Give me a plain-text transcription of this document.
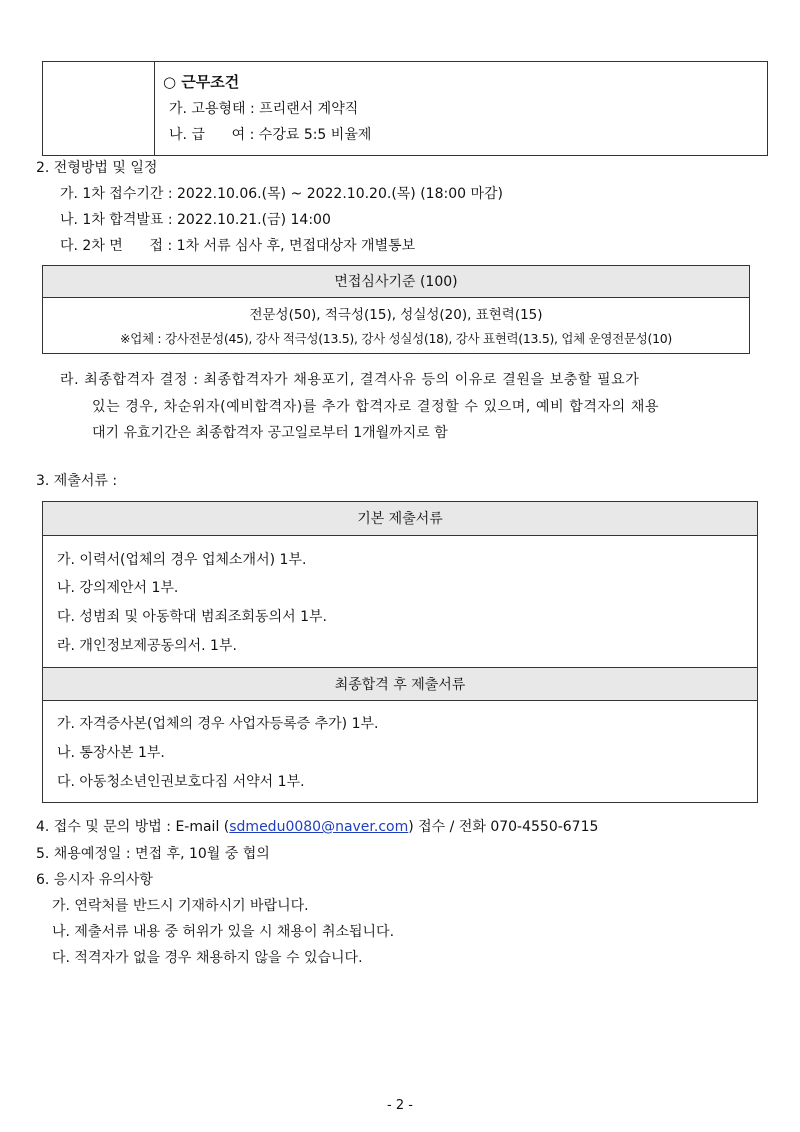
○ 근무조건
가. 고용형태 : 프리랜서 계약직
나. 급      여 : 수강료 5:5 비율제
2. 전형방법 및 일정
가. 1차 접수기간 : 2022.10.06.(목) ~ 2022.10.20.(목) (18:00 마감)
나. 1차 합격발표 : 2022.10.21.(금) 14:00
다. 2차 면      접 : 1차 서류 심사 후, 면접대상자 개별통보
면접심사기준 (100)
전문성(50), 적극성(15), 성실성(20), 표현력(15)
※업체 : 강사전문성(45), 강사 적극성(13.5), 강사 성실성(18), 강사 표현력(13.5), 업체 운영전문성(10)
라. 최종합격자 결정 : 최종합격자가 채용포기, 결격사유 등의 이유로 결원을 보충할 필요가
있는 경우, 차순위자(예비합격자)를 추가 합격자로 결정할 수 있으며, 예비 합격자의 채용
대기 유효기간은 최종합격자 공고일로부터 1개월까지로 함
3. 제출서류 :
기본 제출서류
가. 이력서(업체의 경우 업체소개서) 1부.
나. 강의제안서 1부.
다. 성범죄 및 아동학대 범죄조회동의서 1부.
라. 개인정보제공동의서. 1부.
최종합격 후 제출서류
가. 자격증사본(업체의 경우 사업자등록증 추가) 1부.
나. 통장사본 1부.
다. 아동청소년인권보호다짐 서약서 1부.
4. 접수 및 문의 방법 : E-mail (sdmedu0080@naver.com) 접수 / 전화 070-4550-6715
5. 채용예정일 : 면접 후, 10월 중 협의
6. 응시자 유의사항
가. 연락처를 반드시 기재하시기 바랍니다.
나. 제출서류 내용 중 허위가 있을 시 채용이 취소됩니다.
다. 적격자가 없을 경우 채용하지 않을 수 있습니다.
- 2 -
